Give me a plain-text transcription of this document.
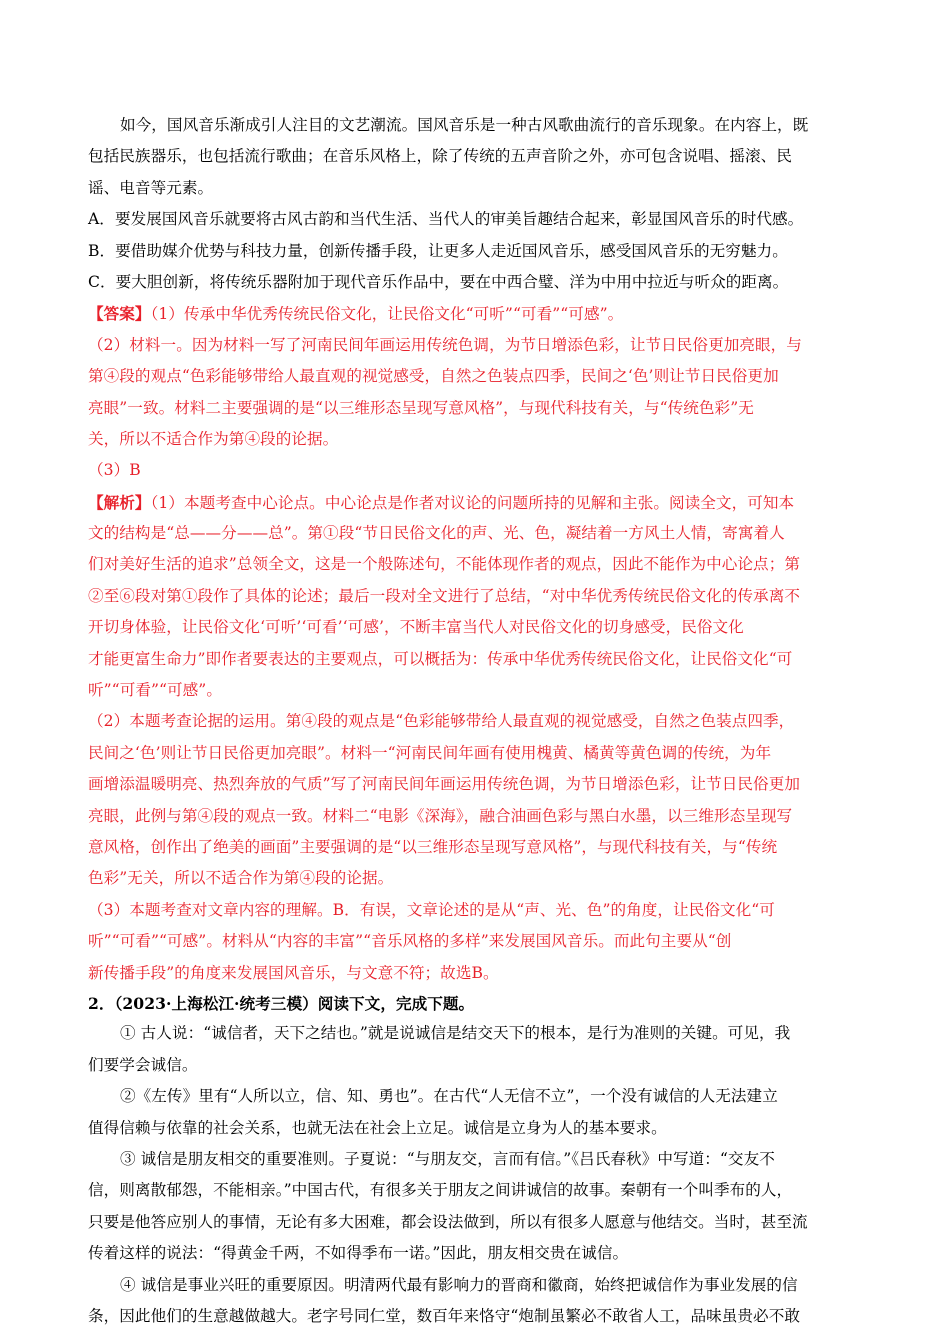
如今，国风音乐渐成引人注目的文艺潮流。国风音乐是一种古风歌曲流行的音乐现象。在内容上，既
包括民族器乐，也包括流行歌曲；在音乐风格上，除了传统的五声音阶之外，亦可包含说唱、摇滚、民
谣、电音等元素。
A．要发展国风音乐就要将古风古韵和当代生活、当代人的审美旨趣结合起来，彰显国风音乐的时代感。
B．要借助媒介优势与科技力量，创新传播手段，让更多人走近国风音乐，感受国风音乐的无穷魅力。
C．要大胆创新，将传统乐器附加于现代音乐作品中，要在中西合璧、洋为中用中拉近与听众的距离。
【答案】（1）传承中华优秀传统民俗文化，让民俗文化“可听”“可看”“可感”。
（2）材料一。因为材料一写了河南民间年画运用传统色调，为节日增添色彩，让节日民俗更加亮眼，与
第④段的观点“色彩能够带给人最直观的视觉感受，自然之色装点四季，民间之‘色’则让节日民俗更加
亮眼”一致。材料二主要强调的是“以三维形态呈现写意风格”，与现代科技有关，与“传统色彩”无
关，所以不适合作为第④段的论据。
（3）B
【解析】（1）本题考查中心论点。中心论点是作者对议论的问题所持的见解和主张。阅读全文，可知本
文的结构是“总——分——总”。第①段“节日民俗文化的声、光、色，凝结着一方风土人情，寄寓着人
们对美好生活的追求”总领全文，这是一个般陈述句，不能体现作者的观点，因此不能作为中心论点；第
②至⑥段对第①段作了具体的论述；最后一段对全文进行了总结，“对中华优秀传统民俗文化的传承离不
开切身体验，让民俗文化‘可听’‘可看’‘可感’，不断丰富当代人对民俗文化的切身感受，民俗文化
才能更富生命力”即作者要表达的主要观点，可以概括为：传承中华优秀传统民俗文化，让民俗文化“可
听”“可看”“可感”。
（2）本题考查论据的运用。第④段的观点是“色彩能够带给人最直观的视觉感受，自然之色装点四季，
民间之‘色’则让节日民俗更加亮眼”。材料一“河南民间年画有使用槐黄、橘黄等黄色调的传统，为年
画增添温暖明亮、热烈奔放的气质”写了河南民间年画运用传统色调，为节日增添色彩，让节日民俗更加
亮眼，此例与第④段的观点一致。材料二“电影《深海》，融合油画色彩与黑白水墨，以三维形态呈现写
意风格，创作出了绝美的画面”主要强调的是“以三维形态呈现写意风格”，与现代科技有关，与“传统
色彩”无关，所以不适合作为第④段的论据。
（3）本题考查对文章内容的理解。B．有误，文章论述的是从“声、光、色”的角度，让民俗文化“可
听”“可看”“可感”。材料从“内容的丰富”“音乐风格的多样”来发展国风音乐。而此句主要从“创
新传播手段”的角度来发展国风音乐，与文意不符；故选B。
2．（2023·上海松江·统考三模）阅读下文，完成下题。
① 古人说：“诚信者，天下之结也。”就是说诚信是结交天下的根本，是行为准则的关键。可见，我
们要学会诚信。
②《左传》里有“人所以立，信、知、勇也”。在古代“人无信不立”，一个没有诚信的人无法建立
值得信赖与依靠的社会关系，也就无法在社会上立足。诚信是立身为人的基本要求。
③ 诚信是朋友相交的重要准则。子夏说：“与朋友交，言而有信。”《吕氏春秋》中写道：“交友不
信，则离散郁怨，不能相亲。”中国古代，有很多关于朋友之间讲诚信的故事。秦朝有一个叫季布的人，
只要是他答应别人的事情，无论有多大困难，都会设法做到，所以有很多人愿意与他结交。当时，甚至流
传着这样的说法：“得黄金千两，不如得季布一诺。”因此，朋友相交贵在诚信。
④ 诚信是事业兴旺的重要原因。明清两代最有影响力的晋商和徽商，始终把诚信作为事业发展的信
条，因此他们的生意越做越大。老字号同仁堂，数百年来恪守“炮制虽繁必不敢省人工，品味虽贵必不敢
